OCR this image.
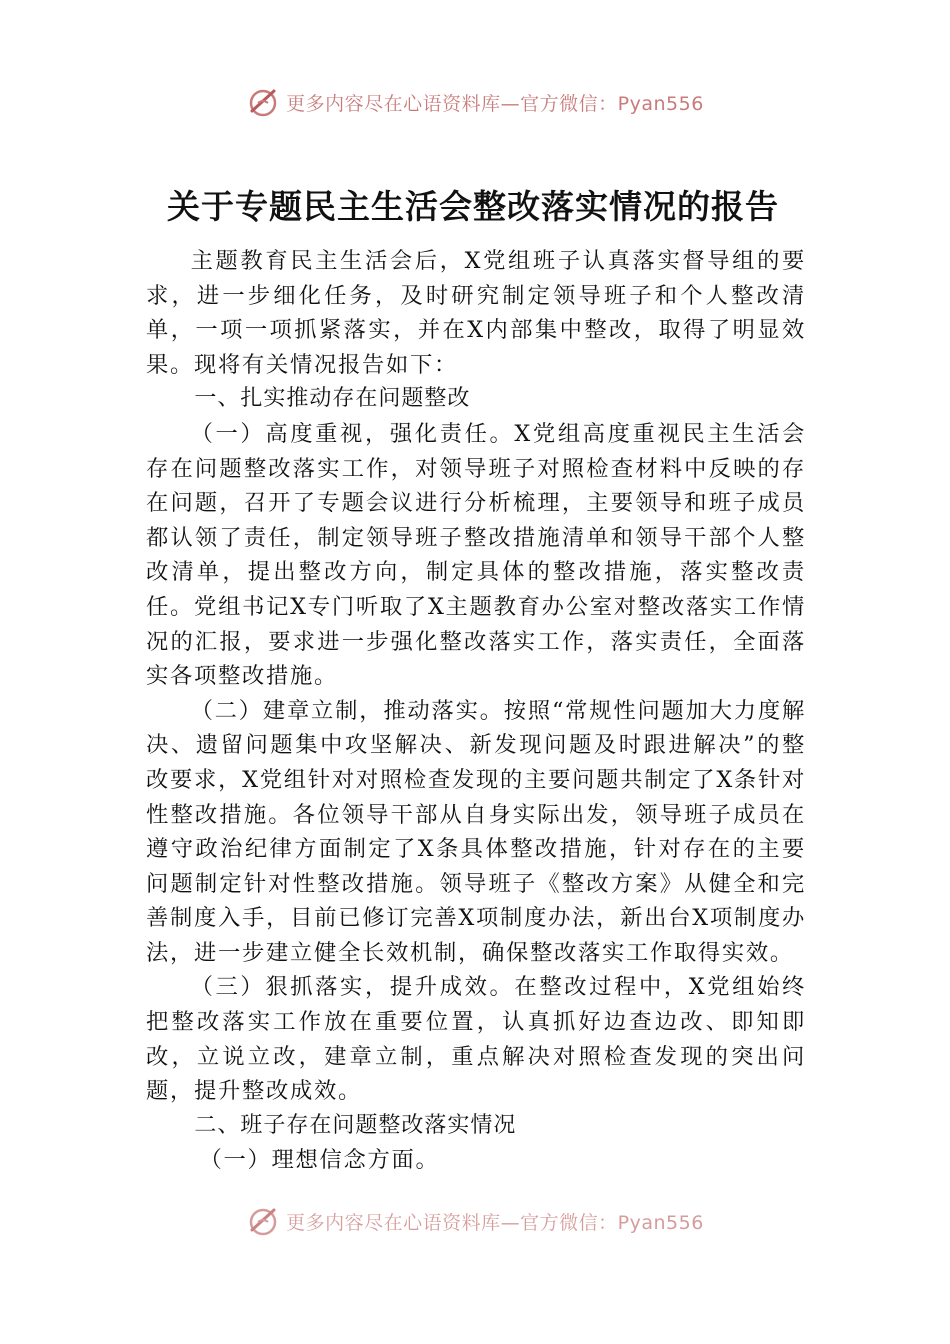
更多内容尽在心语资料库—官方微信：Pyan556
关于专题民主生活会整改落实情况的报告

主题教育民主生活会后，X党组班子认真落实督导组的要求，进一步细化任务，及时研究制定领导班子和个人整改清单，一项一项抓紧落实，并在X内部集中整改，取得了明显效果。现将有关情况报告如下：

一、扎实推动存在问题整改

（一）高度重视，强化责任。X党组高度重视民主生活会存在问题整改落实工作，对领导班子对照检查材料中反映的存在问题，召开了专题会议进行分析梳理，主要领导和班子成员都认领了责任，制定领导班子整改措施清单和领导干部个人整改清单，提出整改方向，制定具体的整改措施，落实整改责任。党组书记X专门听取了X主题教育办公室对整改落实工作情况的汇报，要求进一步强化整改落实工作，落实责任，全面落实各项整改措施。

（二）建章立制，推动落实。按照“常规性问题加大力度解决、遗留问题集中攻坚解决、新发现问题及时跟进解决”的整改要求，X党组针对对照检查发现的主要问题共制定了X条针对性整改措施。各位领导干部从自身实际出发，领导班子成员在遵守政治纪律方面制定了X条具体整改措施，针对存在的主要问题制定针对性整改措施。领导班子《整改方案》从健全和完善制度入手，目前已修订完善X项制度办法，新出台X项制度办法，进一步建立健全长效机制，确保整改落实工作取得实效。

（三）狠抓落实，提升成效。在整改过程中，X党组始终把整改落实工作放在重要位置，认真抓好边查边改、即知即改，立说立改，建章立制，重点解决对照检查发现的突出问题，提升整改成效。

二、班子存在问题整改落实情况

（一）理想信念方面。

更多内容尽在心语资料库—官方微信：Pyan556
